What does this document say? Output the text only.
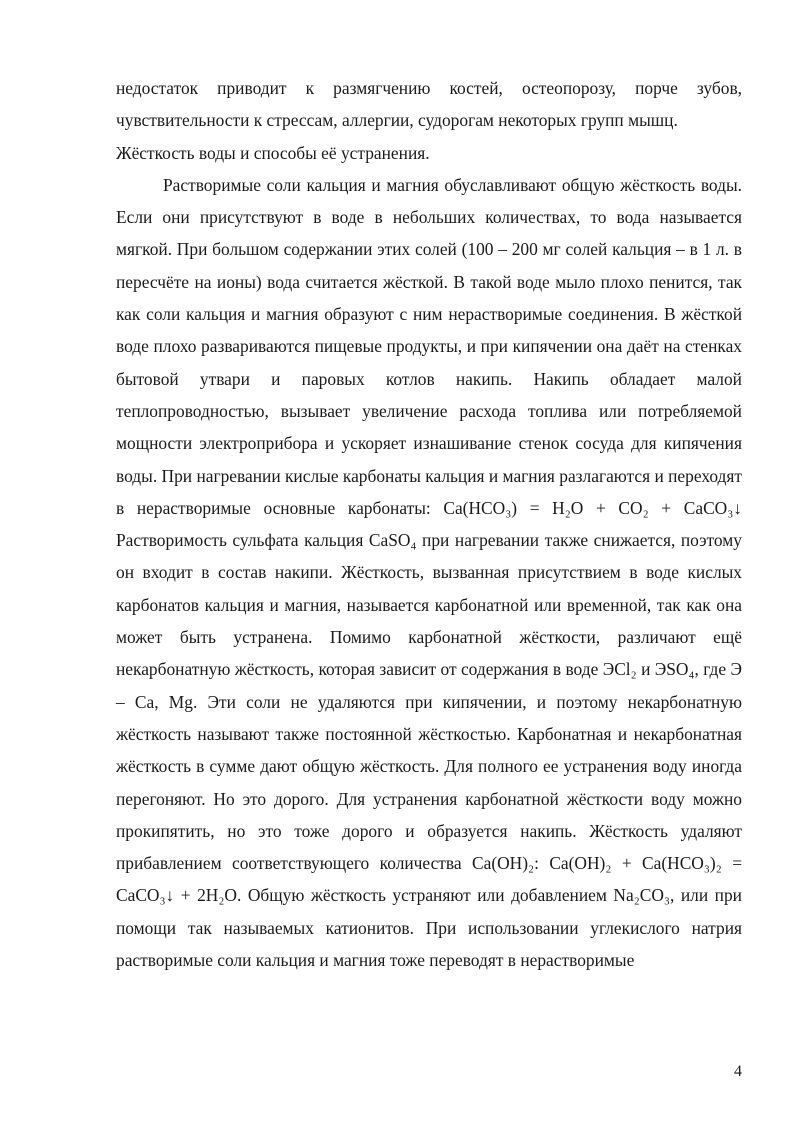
недостаток приводит к размягчению костей, остеопорозу, порче зубов, чувствительности к стрессам, аллергии, судорогам некоторых групп мышц.

Жёсткость воды и способы её устранения.

Растворимые соли кальция и магния обуславливают общую жёсткость воды. Если они присутствуют в воде в небольших количествах, то вода называется мягкой. При большом содержании этих солей (100 – 200 мг солей кальция – в 1 л. в пересчёте на ионы) вода считается жёсткой. В такой воде мыло плохо пенится, так как соли кальция и магния образуют с ним нерастворимые соединения. В жёсткой воде плохо развариваются пищевые продукты, и при кипячении она даёт на стенках бытовой утвари и паровых котлов накипь. Накипь обладает малой теплопроводностью, вызывает увеличение расхода топлива или потребляемой мощности электроприбора и ускоряет изнашивание стенок сосуда для кипячения воды. При нагревании кислые карбонаты кальция и магния разлагаются и переходят в нерастворимые основные карбонаты: Ca(HCO₃) = H₂O + CO₂ + CaCO₃↓ Растворимость сульфата кальция CaSO₄ при нагревании также снижается, поэтому он входит в состав накипи. Жёсткость, вызванная присутствием в воде кислых карбонатов кальция и магния, называется карбонатной или временной, так как она может быть устранена. Помимо карбонатной жёсткости, различают ещё некарбонатную жёсткость, которая зависит от содержания в воде ЭCl₂ и ЭSO₄, где Э – Ca, Mg. Эти соли не удаляются при кипячении, и поэтому некарбонатную жёсткость называют также постоянной жёсткостью. Карбонатная и некарбонатная жёсткость в сумме дают общую жёсткость. Для полного ее устранения воду иногда перегоняют. Но это дорого. Для устранения карбонатной жёсткости воду можно прокипятить, но это тоже дорого и образуется накипь. Жёсткость удаляют прибавлением соответствующего количества Ca(OH)₂: Ca(OH)₂ + Ca(HCO₃)₂ = CaCO₃↓ + 2H₂O. Общую жёсткость устраняют или добавлением Na₂CO₃, или при помощи так называемых катионитов. При использовании углекислого натрия растворимые соли кальция и магния тоже переводят в нерастворимые

4
